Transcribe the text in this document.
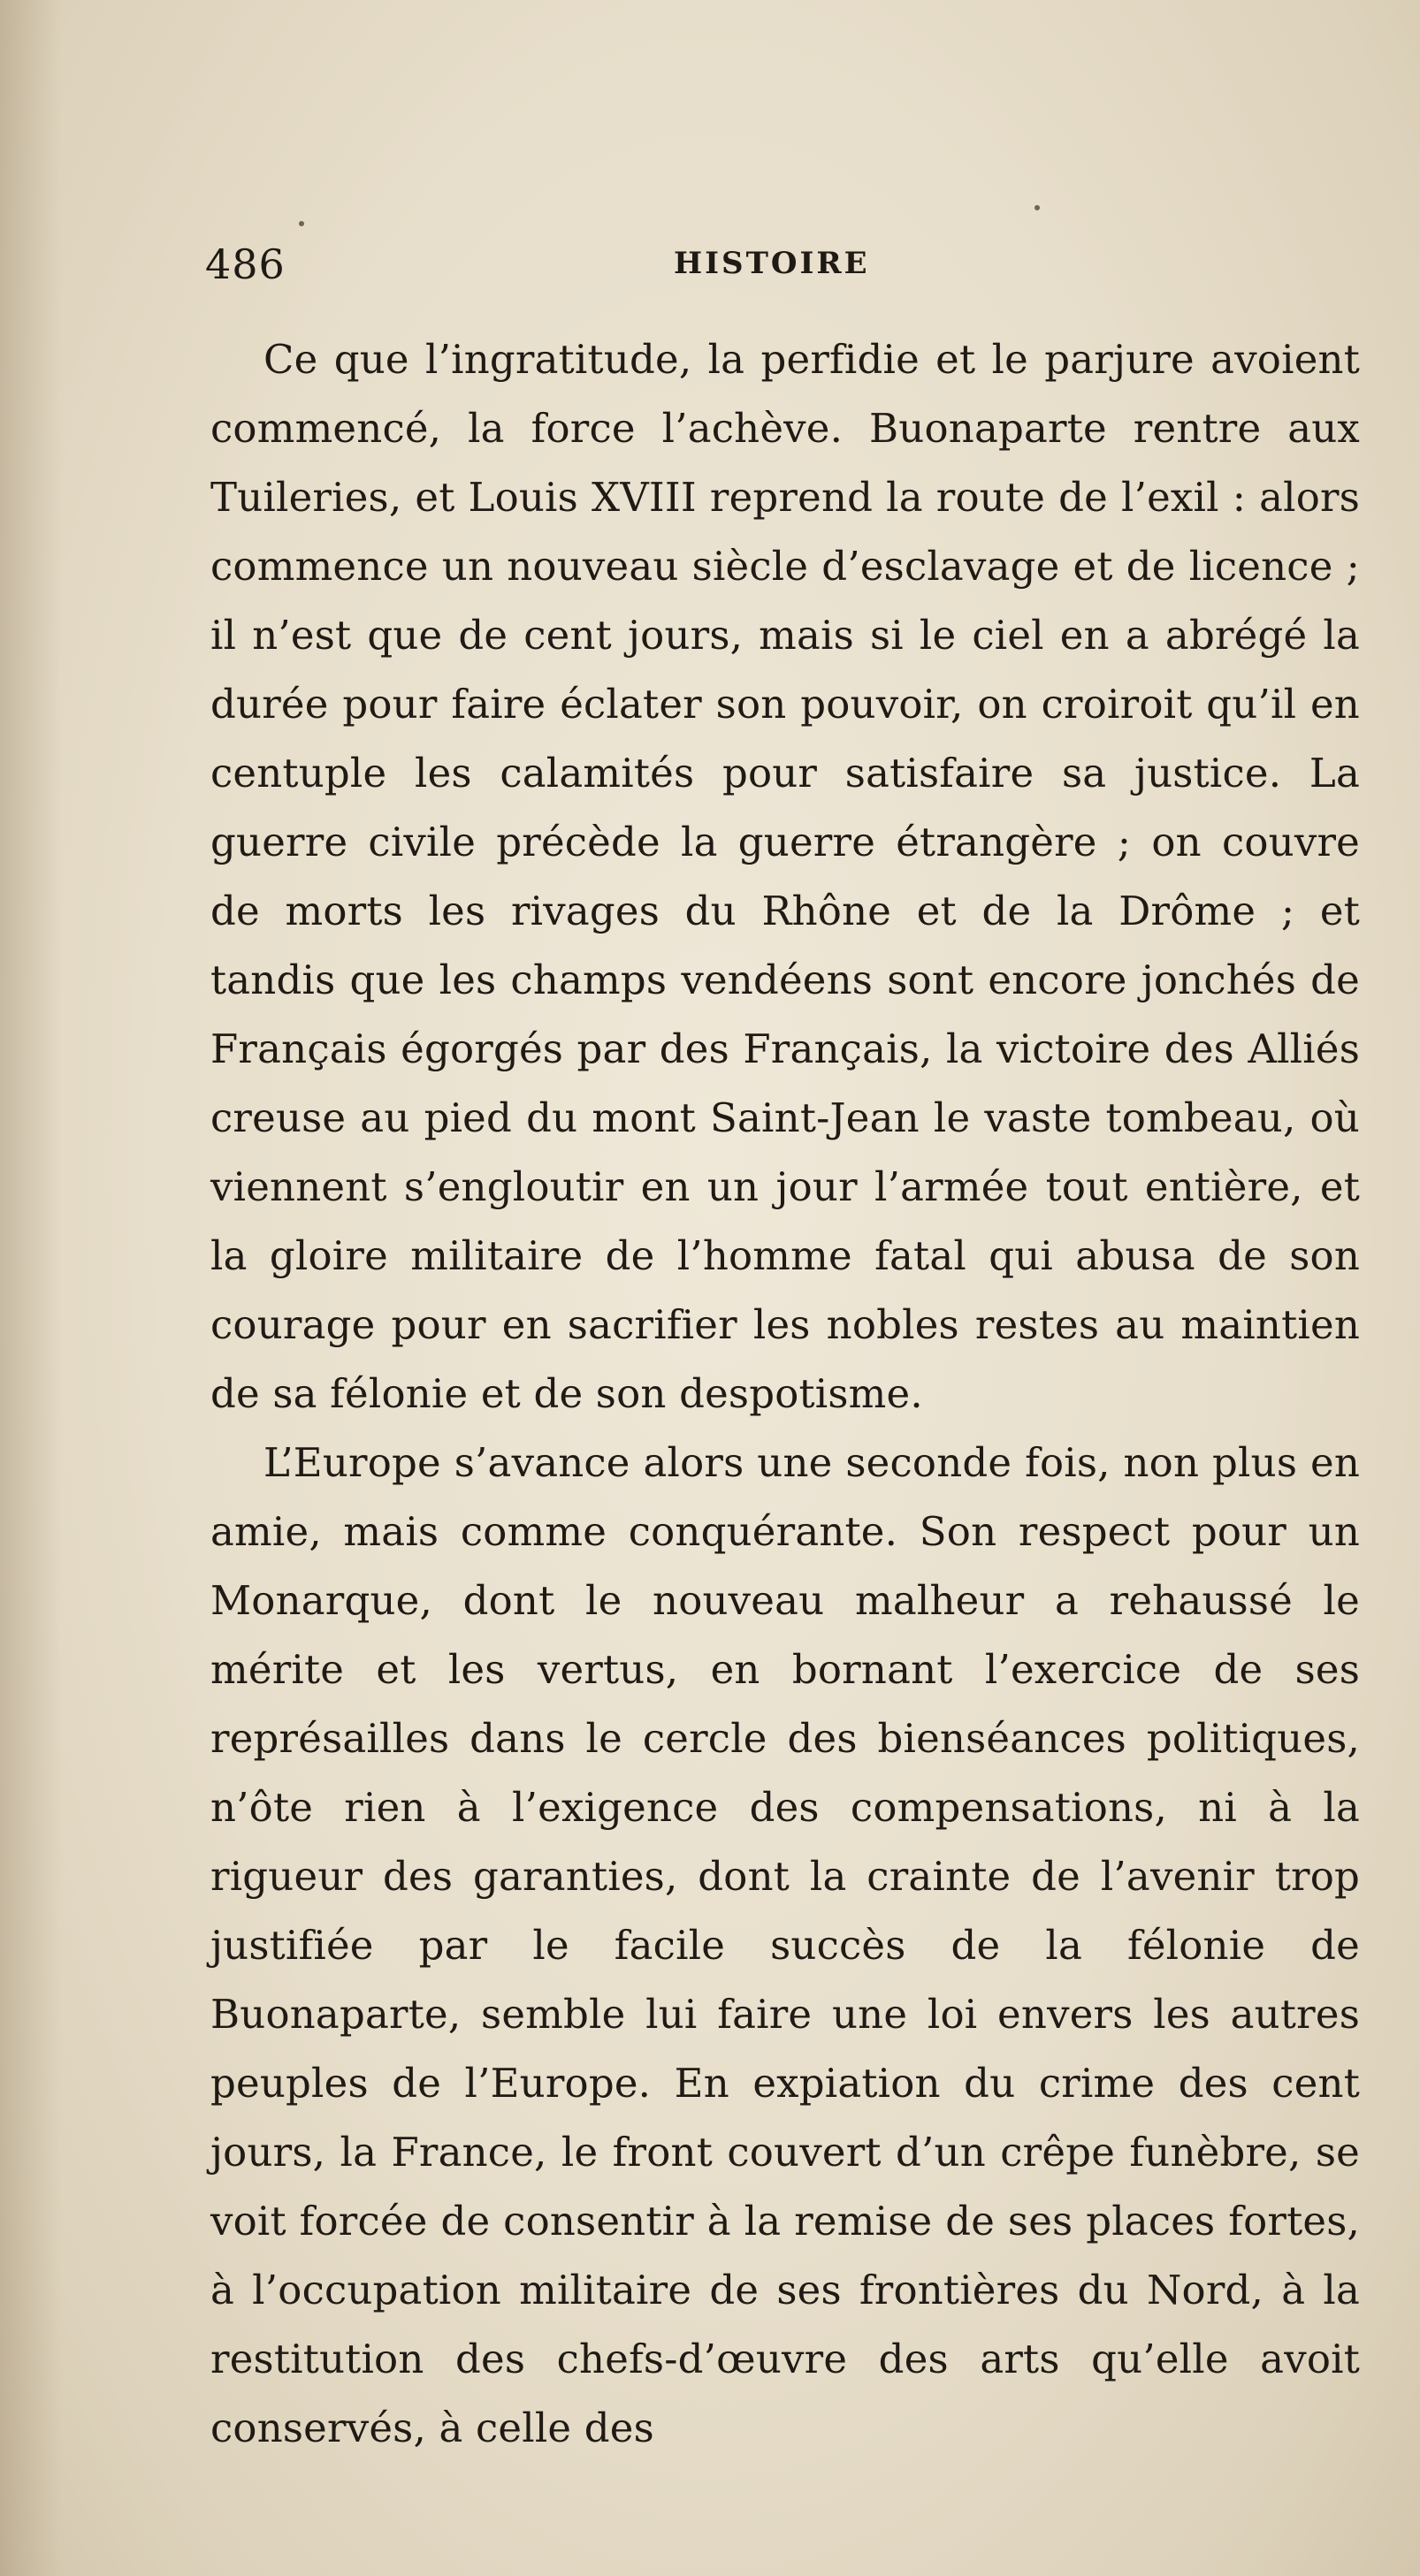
486	HISTOIRE

Ce que l’ingratitude, la perfidie et le parjure avoient commencé, la force l’achève. Buonaparte rentre aux Tuileries, et Louis XVIII reprend la route de l’exil : alors commence un nouveau siècle d’esclavage et de licence ; il n’est que de cent jours, mais si le ciel en a abrégé la durée pour faire éclater son pouvoir, on croiroit qu’il en centuple les calamités pour satisfaire sa justice. La guerre civile précède la guerre étrangère ; on couvre de morts les rivages du Rhône et de la Drôme ; et tandis que les champs vendéens sont encore jonchés de Français égorgés par des Français, la victoire des Alliés creuse au pied du mont Saint-Jean le vaste tombeau, où viennent s’engloutir en un jour l’armée tout entière, et la gloire militaire de l’homme fatal qui abusa de son courage pour en sacrifier les nobles restes au maintien de sa félonie et de son despotisme.

L’Europe s’avance alors une seconde fois, non plus en amie, mais comme conquérante. Son respect pour un Monarque, dont le nouveau malheur a rehaussé le mérite et les vertus, en bornant l’exercice de ses représailles dans le cercle des bienséances politiques, n’ôte rien à l’exigence des compensations, ni à la rigueur des garanties, dont la crainte de l’avenir trop justifiée par le facile succès de la félonie de Buonaparte, semble lui faire une loi envers les autres peuples de l’Europe. En expiation du crime des cent jours, la France, le front couvert d’un crêpe funèbre, se voit forcée de consentir à la remise de ses places fortes, à l’occupation militaire de ses frontières du Nord, à la restitution des chefs-d’œuvre des arts qu’elle avoit conservés, à celle des
